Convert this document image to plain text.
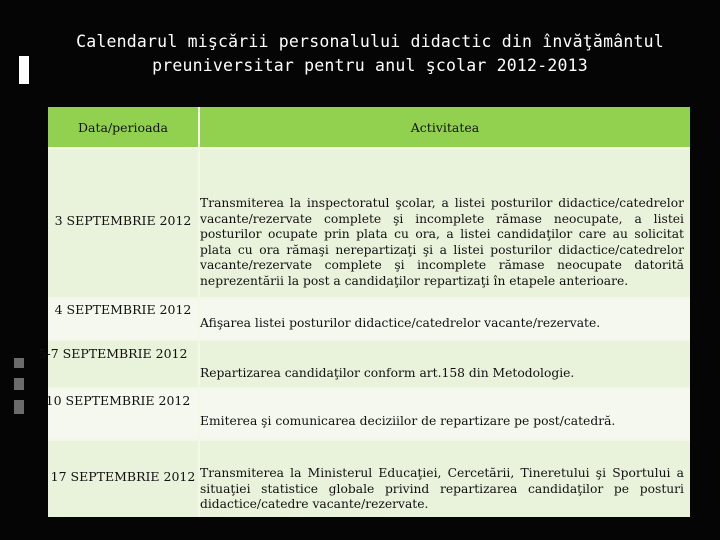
Calendarul mişcării personalului didactic din învăţământul
preuniversitar pentru anul şcolar 2012-2013
Data/perioada	Activitatea
3 SEPTEMBRIE 2012
Transmiterea la inspectoratul şcolar, a listei posturilor didactice/catedrelor vacante/rezervate complete şi incomplete rămase neocupate, a listei posturilor ocupate prin plata cu ora, a listei candidaţilor care au solicitat plata cu ora rămaşi nerepartizaţi şi a listei posturilor didactice/catedrelor vacante/rezervate complete şi incomplete rămase neocupate datorită neprezentării la post a candidaţilor repartizaţi în etapele anterioare.
4 SEPTEMBRIE 2012
Afişarea listei posturilor didactice/catedrelor vacante/rezervate.
5-7 SEPTEMBRIE 2012
Repartizarea candidaţilor conform art.158 din Metodologie.
10 SEPTEMBRIE 2012
Emiterea şi comunicarea deciziilor de repartizare pe post/catedră.
17 SEPTEMBRIE 2012 Transmiterea la Ministerul Educaţiei, Cercetării, Tineretului şi Sportului a situaţiei statistice globale privind repartizarea candidaţilor pe posturi didactice/catedre vacante/rezervate.
